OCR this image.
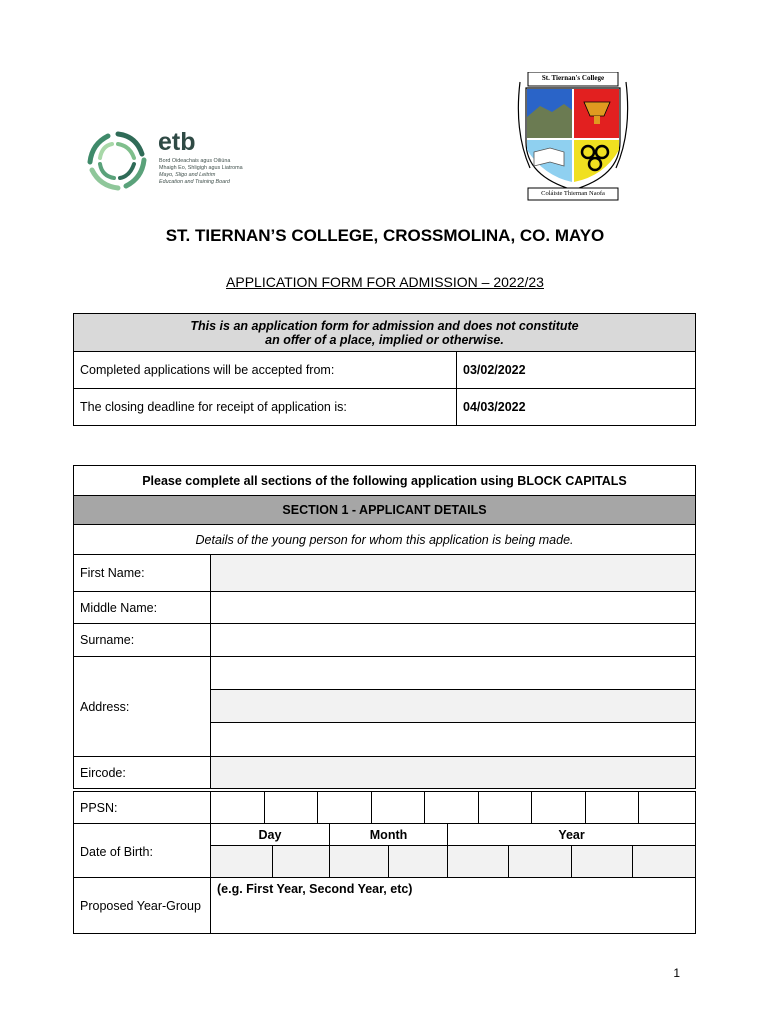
etb
Bord Oideachais agus Oiliúna
Mhaigh Eo, Shligigh agus Liatroma
Mayo, Sligo and Leitrim
Education and Training Board
St. Tiernan's College
Coláiste Thiernan Naofa
ST. TIERNAN’S COLLEGE, CROSSMOLINA, CO. MAYO
APPLICATION FORM FOR ADMISSION – 2022/23
This is an application form for admission and does not constitute
an offer of a place, implied or otherwise.	

Completed applications will be accepted from:	03/02/2022
The closing deadline for receipt of application is:	04/03/2022
Please complete all sections of the following application using BLOCK CAPITALS
SECTION 1 - APPLICANT DETAILS
Details of the young person for whom this application is being made.
First Name:	
Middle Name:	
Surname:	
Address:	

Eircode:	
PPSN:									
Date of Birth:	Day		Month		Year			

Proposed Year-Group	(e.g. First Year, Second Year, etc)
1
